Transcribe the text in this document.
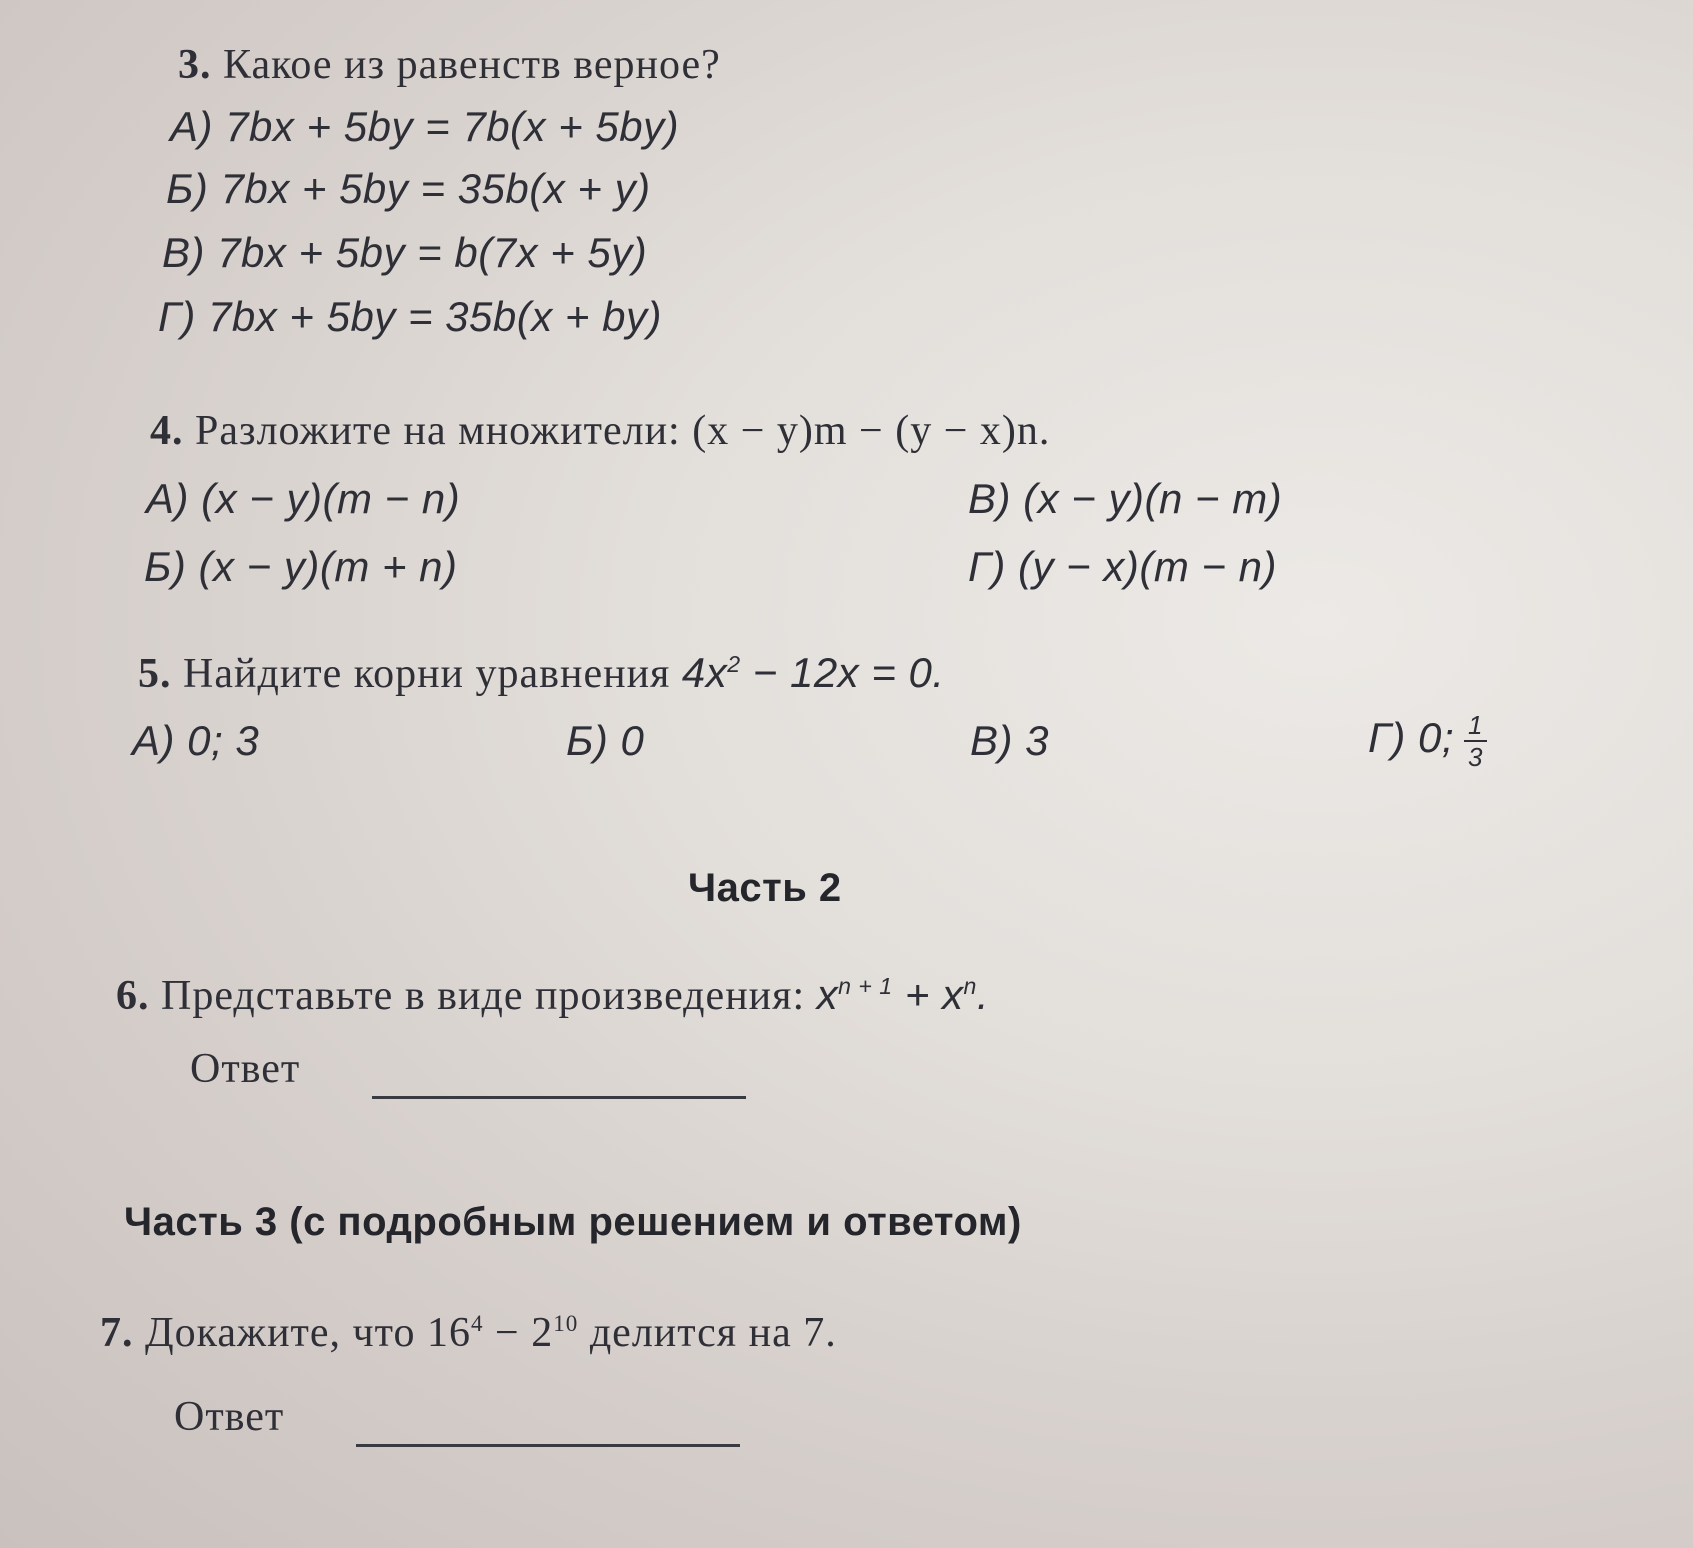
3. Какое из равенств верное?
А) 7bx + 5by = 7b(x + 5by)
Б) 7bx + 5by = 35b(x + y)
В) 7bx + 5by = b(7x + 5y)
Г) 7bx + 5by = 35b(x + by)
4. Разложите на множители: (x − y)m − (y − x)n.
А) (x − y)(m − n)	В) (x − y)(n − m)
Б) (x − y)(m + n)	Г) (y − x)(m − n)
5. Найдите корни уравнения $4x^2 - 12x = 0$.
А) 0; 3	Б) 0	В) 3	Г) 0; $\frac{1}{3}$
Часть 2
6. Представьте в виде произведения: $x^{n + 1} + x^n$.
Ответ
Часть 3 (с подробным решением и ответом)
7. Докажите, что $16^4 - 2^{10}$ делится на 7.
Ответ
